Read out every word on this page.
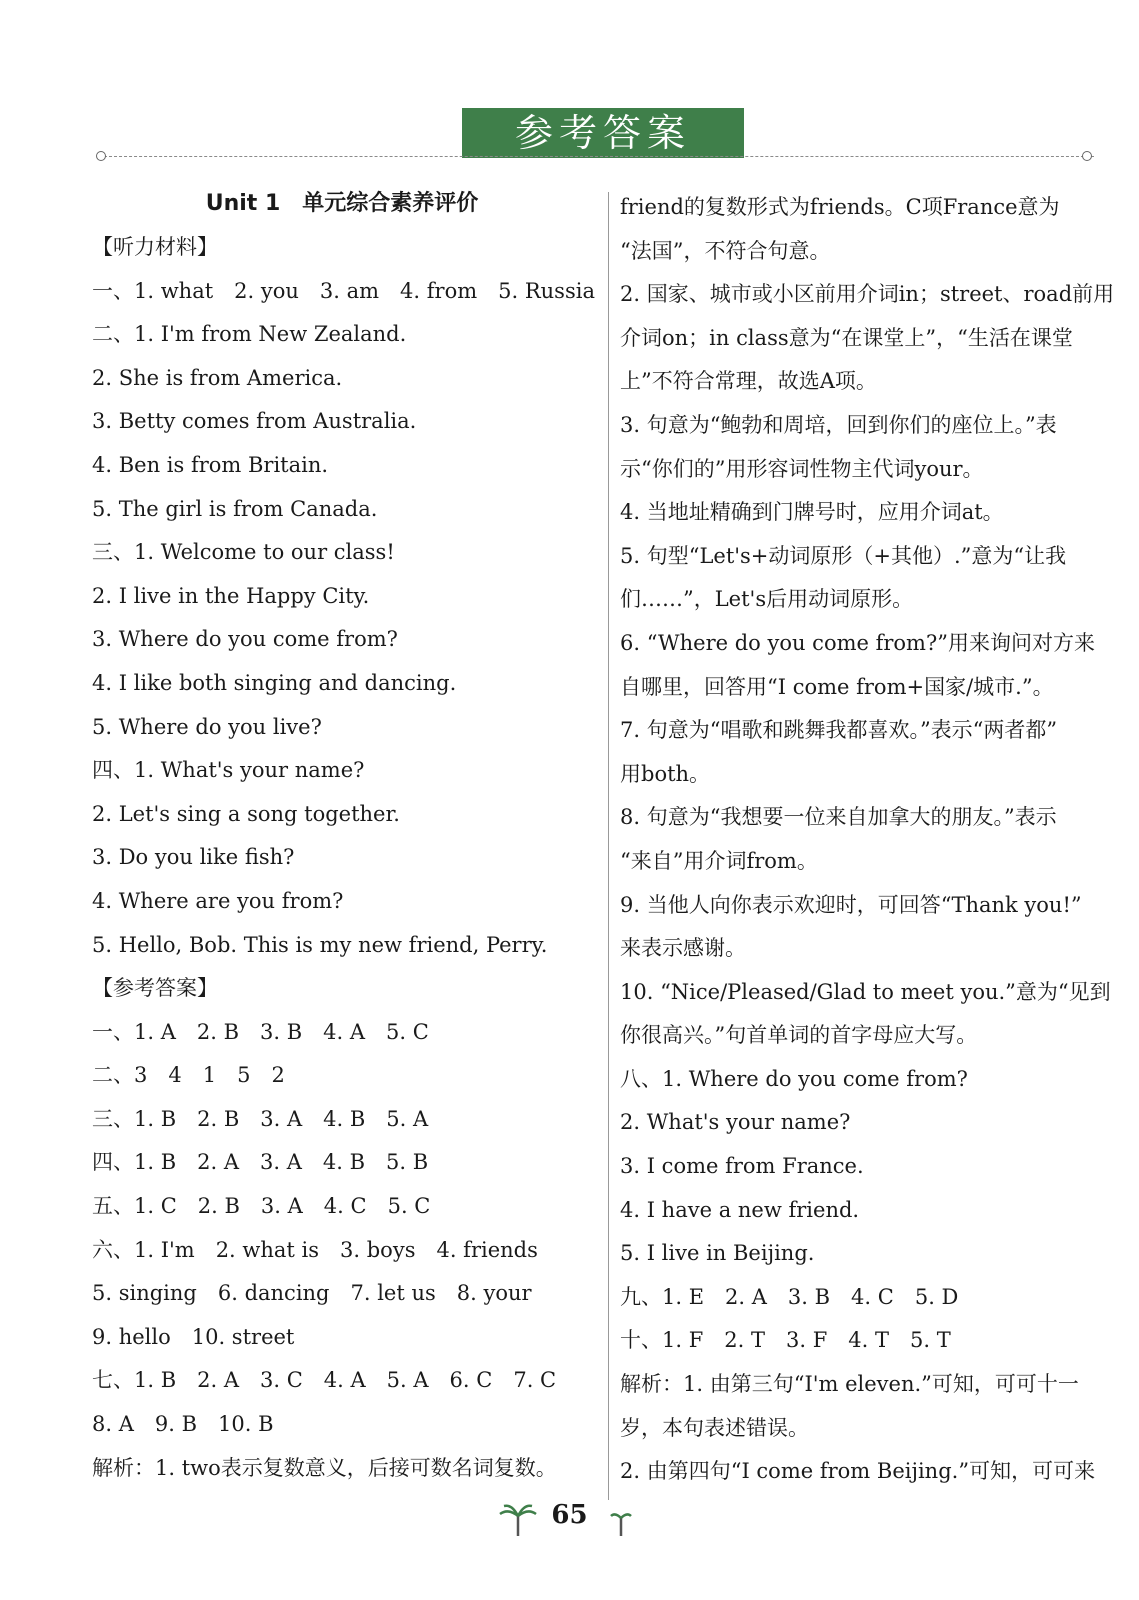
参考答案
Unit 1　单元综合素养评价
【听力材料】
一、1. what　2. you　3. am　4. from　5. Russia
二、1. I'm from New Zealand.
2. She is from America.
3. Betty comes from Australia.
4. Ben is from Britain.
5. The girl is from Canada.
三、1. Welcome to our class!
2. I live in the Happy City.
3. Where do you come from?
4. I like both singing and dancing.
5. Where do you live?
四、1. What's your name?
2. Let's sing a song together.
3. Do you like fish?
4. Where are you from?
5. Hello, Bob. This is my new friend, Perry.
【参考答案】
一、1. A　2. B　3. B　4. A　5. C
二、3　4　1　5　2
三、1. B　2. B　3. A　4. B　5. A
四、1. B　2. A　3. A　4. B　5. B
五、1. C　2. B　3. A　4. C　5. C
六、1. I'm　2. what is　3. boys　4. friends
5. singing　6. dancing　7. let us　8. your
9. hello　10. street
七、1. B　2. A　3. C　4. A　5. A　6. C　7. C
8. A　9. B　10. B
解析：1. two表示复数意义，后接可数名词复数。
friend的复数形式为friends。C项France意为
“法国”，不符合句意。
2. 国家、城市或小区前用介词in；street、road前用
介词on；in class意为“在课堂上”，“生活在课堂
上”不符合常理，故选A项。
3. 句意为“鲍勃和周培，回到你们的座位上。”表
示“你们的”用形容词性物主代词your。
4. 当地址精确到门牌号时，应用介词at。
5. 句型“Let's+动词原形（+其他）.”意为“让我
们……”，Let's后用动词原形。
6. “Where do you come from?”用来询问对方来
自哪里，回答用“I come from+国家/城市.”。
7. 句意为“唱歌和跳舞我都喜欢。”表示“两者都”
用both。
8. 句意为“我想要一位来自加拿大的朋友。”表示
“来自”用介词from。
9. 当他人向你表示欢迎时，可回答“Thank you!”
来表示感谢。
10. “Nice/Pleased/Glad to meet you.”意为“见到
你很高兴。”句首单词的首字母应大写。
八、1. Where do you come from?
2. What's your name?
3. I come from France.
4. I have a new friend.
5. I live in Beijing.
九、1. E　2. A　3. B　4. C　5. D
十、1. F　2. T　3. F　4. T　5. T
解析：1. 由第三句“I'm eleven.”可知，可可十一
岁，本句表述错误。
2. 由第四句“I come from Beijing.”可知，可可来
65
